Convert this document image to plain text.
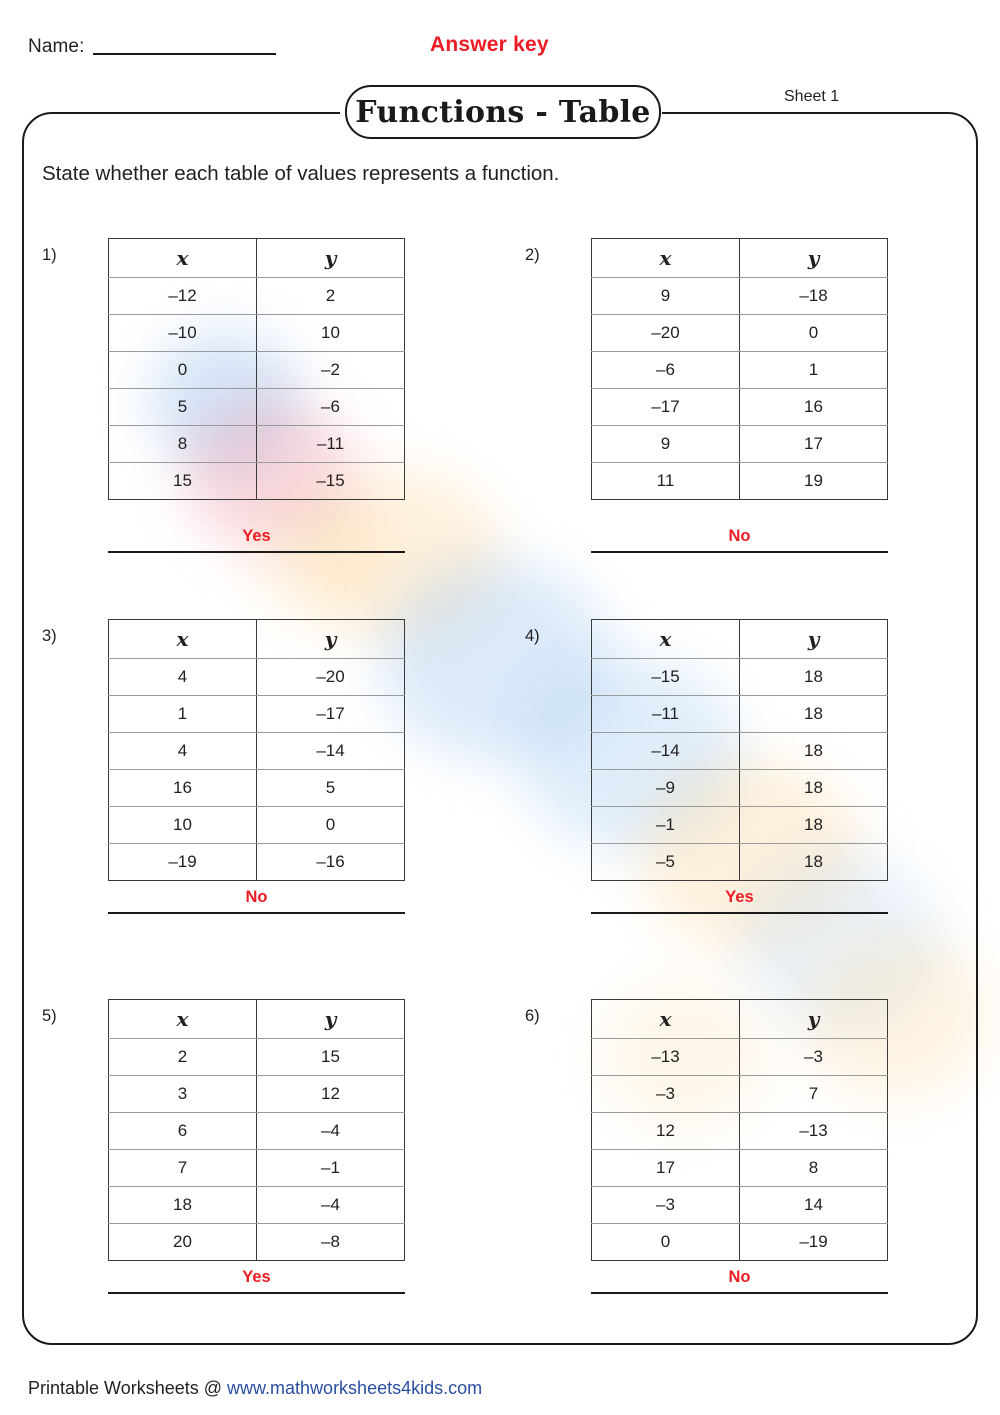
Name:	Answer key
Sheet 1
Functions - Table
State whether each table of values represents a function.
1)	x	y
–12	2
–10	10
0	–2
5	–6
8	–11
15	–15
Yes
2)	x	y
9	–18
–20	0
–6	1
–17	16
9	17
11	19
No
3)	x	y
4	–20
1	–17
4	–14
16	5
10	0
–19	–16
No
4)	x	y
–15	18
–11	18
–14	18
–9	18
–1	18
–5	18
Yes
5)	x	y
2	15
3	12
6	–4
7	–1
18	–4
20	–8
Yes
6)	x	y
–13	–3
–3	7
12	–13
17	8
–3	14
0	–19
No
Printable Worksheets @ www.mathworksheets4kids.com
